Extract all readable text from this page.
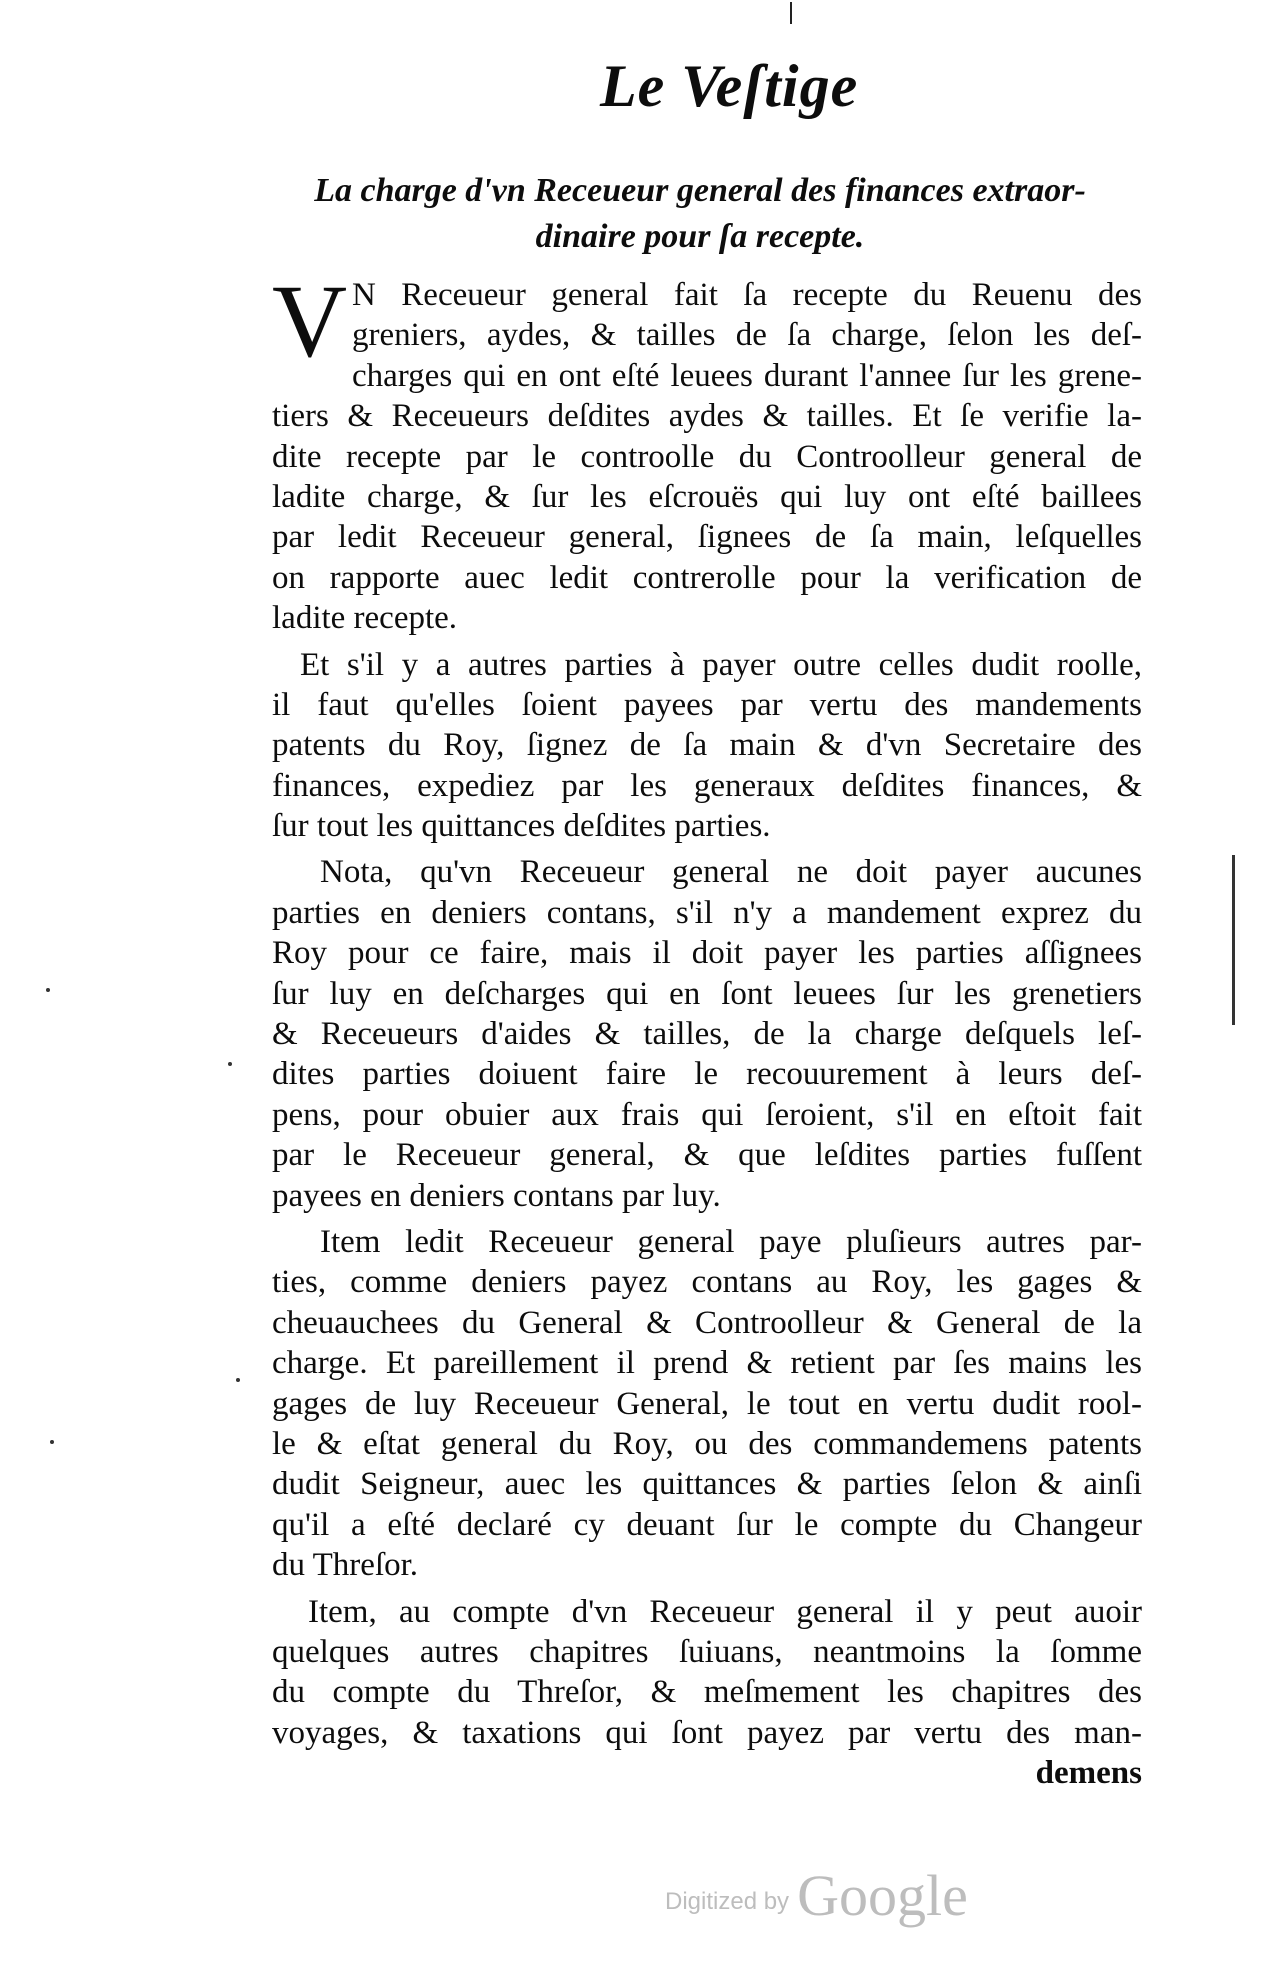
Le Veſtige
La charge d'vn Receueur general des finances extraor-
dinaire pour ſa recepte.
V N Receueur general fait ſa recepte du Reuenu des
greniers, aydes, & tailles de ſa charge, ſelon les deſ-
charges qui en ont eſté leuees durant l'annee ſur les grene-
tiers & Receueurs deſdites aydes & tailles. Et ſe verifie la-
dite recepte par le controolle du Controolleur general de
ladite charge, & ſur les eſcrouës qui luy ont eſté baillees
par ledit Receueur general, ſignees de ſa main, leſquelles
on rapporte auec ledit contrerolle pour la verification de
ladite recepte.
Et s'il y a autres parties à payer outre celles dudit roolle,
il faut qu'elles ſoient payees par vertu des mandements
patents du Roy, ſignez de ſa main & d'vn Secretaire des
finances, expediez par les generaux deſdites finances, &
ſur tout les quittances deſdites parties.
Nota, qu'vn Receueur general ne doit payer aucunes
parties en deniers contans, s'il n'y a mandement exprez du
Roy pour ce faire, mais il doit payer les parties aſſignees
ſur luy en deſcharges qui en ſont leuees ſur les grenetiers
& Receueurs d'aides & tailles, de la charge deſquels leſ-
dites parties doiuent faire le recouurement à leurs deſ-
pens, pour obuier aux frais qui ſeroient, s'il en eſtoit fait
par le Receueur general, & que leſdites parties fuſſent
payees en deniers contans par luy.
Item ledit Receueur general paye pluſieurs autres par-
ties, comme deniers payez contans au Roy, les gages &
cheuauchees du General & Controolleur & General de la
charge. Et pareillement il prend & retient par ſes mains les
gages de luy Receueur General, le tout en vertu dudit rool-
le & eſtat general du Roy, ou des commandemens patents
dudit Seigneur, auec les quittances & parties ſelon & ainſi
qu'il a eſté declaré cy deuant ſur le compte du Changeur
du Threſor.
Item, au compte d'vn Receueur general il y peut auoir
quelques autres chapitres ſuiuans, neantmoins la ſomme
du compte du Threſor, & meſmement les chapitres des
voyages, & taxations qui ſont payez par vertu des man-
demens
Digitized by Google
